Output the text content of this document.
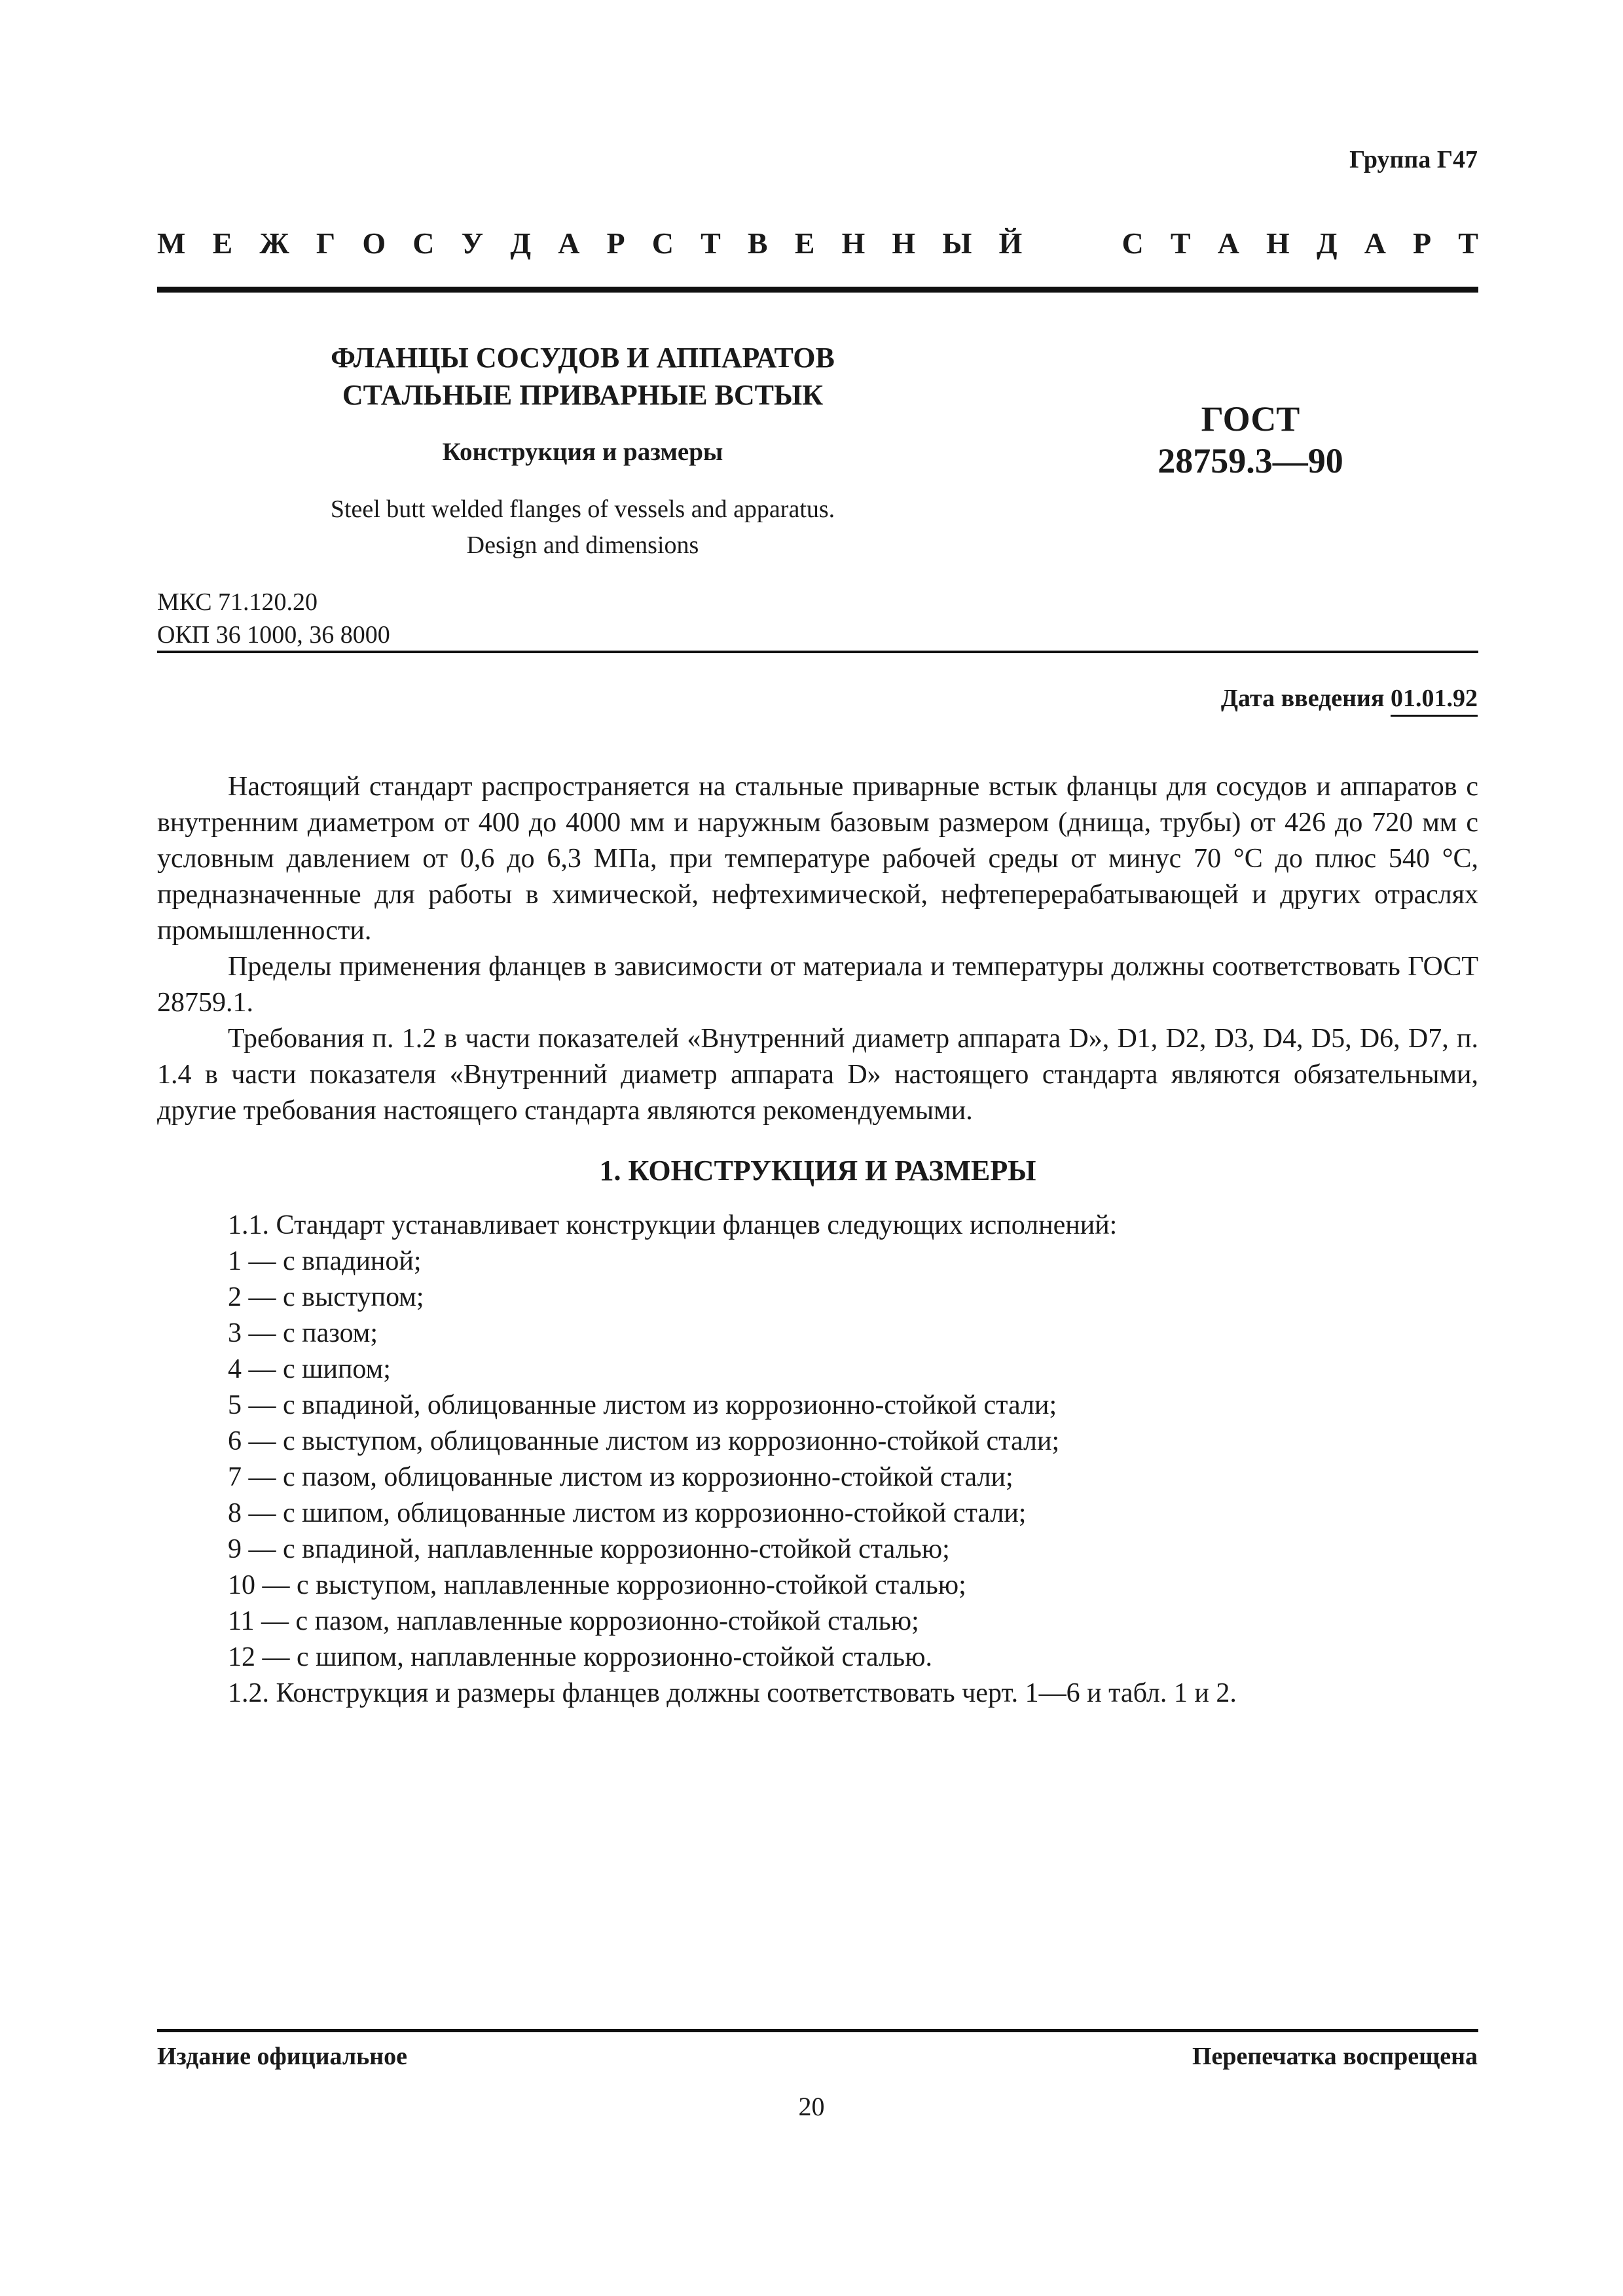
Группа Г47
М Е Ж Г О С У Д А Р С Т В Е Н Н Ы Й	С Т А Н Д А Р Т
ФЛАНЦЫ СОСУДОВ И АППАРАТОВ
СТАЛЬНЫЕ ПРИВАРНЫЕ ВСТЫК
Конструкция и размеры
Steel butt welded flanges of vessels and apparatus.
Design and dimensions
ГОСТ
28759.3—90
МКС 71.120.20
ОКП 36 1000, 36 8000
Дата введения 01.01.92

Настоящий стандарт распространяется на стальные приварные встык фланцы для сосудов и аппаратов с внутренним диаметром от 400 до 4000 мм и наружным базовым размером (днища, трубы) от 426 до 720 мм с условным давлением от 0,6 до 6,3 МПа, при температуре рабочей среды от минус 70 °С до плюс 540 °С, предназначенные для работы в химической, нефтехимической, нефтеперерабатывающей и других отраслях промышленности.

Пределы применения фланцев в зависимости от материала и температуры должны соответствовать ГОСТ 28759.1.

Требования п. 1.2 в части показателей «Внутренний диаметр аппарата D», D1, D2, D3, D4, D5, D6, D7, п. 1.4 в части показателя «Внутренний диаметр аппарата D» настоящего стандарта являются обязательными, другие требования настоящего стандарта являются рекомендуемыми.

1. КОНСТРУКЦИЯ И РАЗМЕРЫ
1.1. Стандарт устанавливает конструкции фланцев следующих исполнений:
1 — с впадиной;
2 — с выступом;
3 — с пазом;
4 — с шипом;
5 — с впадиной, облицованные листом из коррозионно-стойкой стали;
6 — с выступом, облицованные листом из коррозионно-стойкой стали;
7 — с пазом, облицованные листом из коррозионно-стойкой стали;
8 — с шипом, облицованные листом из коррозионно-стойкой стали;
9 — с впадиной, наплавленные коррозионно-стойкой сталью;
10 — с выступом, наплавленные коррозионно-стойкой сталью;
11 — с пазом, наплавленные коррозионно-стойкой сталью;
12 — с шипом, наплавленные коррозионно-стойкой сталью.
1.2. Конструкция и размеры фланцев должны соответствовать черт. 1—6 и табл. 1 и 2.
Издание официальное	Перепечатка воспрещена
20
